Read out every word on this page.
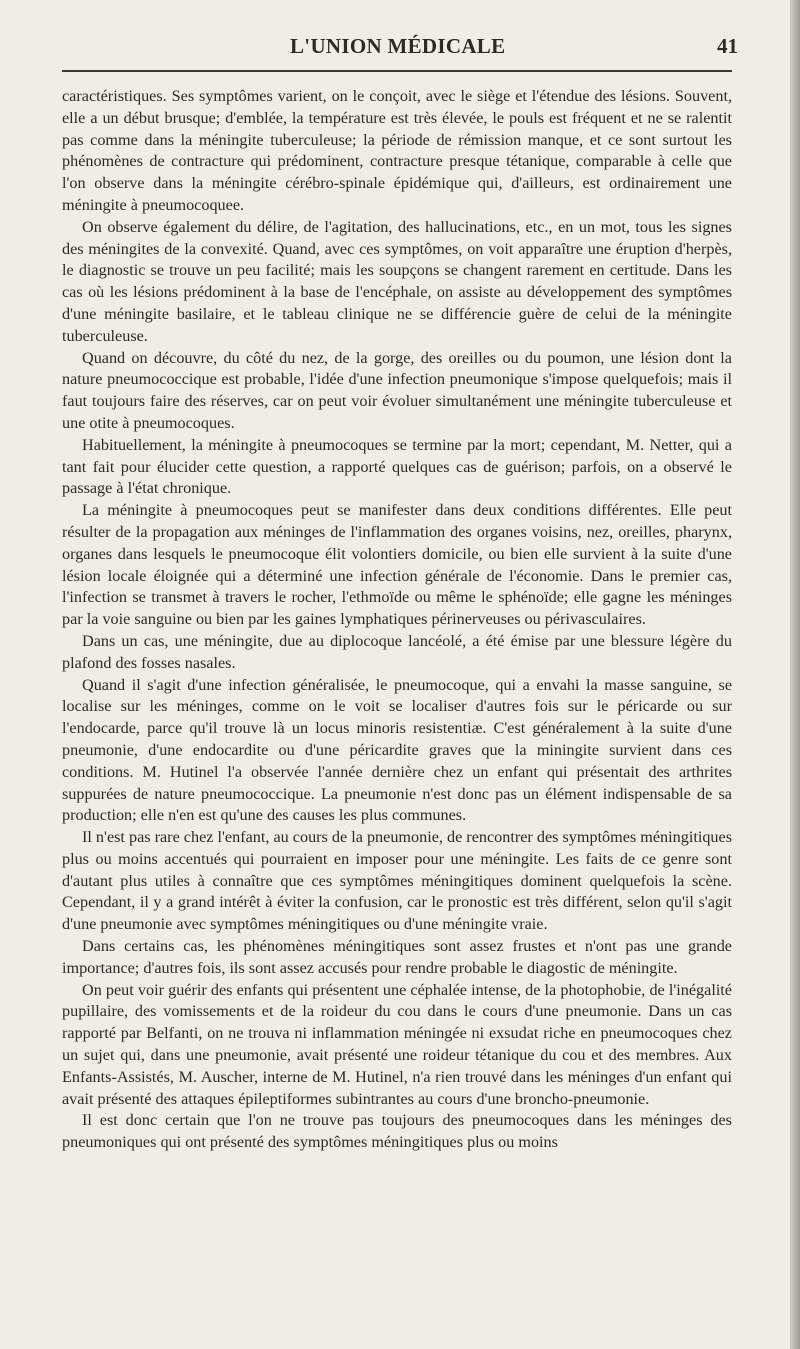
L'UNION MÉDICALE	41

caractéristiques. Ses symptômes varient, on le conçoit, avec le siège et l'étendue des lésions. Souvent, elle a un début brusque; d'emblée, la température est très élevée, le pouls est fréquent et ne se ralentit pas comme dans la méningite tuberculeuse; la période de rémission manque, et ce sont surtout les phénomènes de contracture qui prédominent, contracture presque tétanique, comparable à celle que l'on observe dans la méningite cérébro-spinale épidémique qui, d'ailleurs, est ordinairement une méningite à pneumocoquee.

On observe également du délire, de l'agitation, des hallucinations, etc., en un mot, tous les signes des méningites de la convexité. Quand, avec ces symptômes, on voit apparaître une éruption d'herpès, le diagnostic se trouve un peu facilité; mais les soupçons se changent rarement en certitude. Dans les cas où les lésions prédominent à la base de l'encéphale, on assiste au développement des symptômes d'une méningite basilaire, et le tableau clinique ne se différencie guère de celui de la méningite tuberculeuse.

Quand on découvre, du côté du nez, de la gorge, des oreilles ou du poumon, une lésion dont la nature pneumococcique est probable, l'idée d'une infection pneumonique s'impose quelquefois; mais il faut toujours faire des réserves, car on peut voir évoluer simultanément une méningite tuberculeuse et une otite à pneumocoques.

Habituellement, la méningite à pneumocoques se termine par la mort; cependant, M. Netter, qui a tant fait pour élucider cette question, a rapporté quelques cas de guérison; parfois, on a observé le passage à l'état chronique.

La méningite à pneumocoques peut se manifester dans deux conditions différentes. Elle peut résulter de la propagation aux méninges de l'inflammation des organes voisins, nez, oreilles, pharynx, organes dans lesquels le pneumocoque élit volontiers domicile, ou bien elle survient à la suite d'une lésion locale éloignée qui a déterminé une infection générale de l'économie. Dans le premier cas, l'infection se transmet à travers le rocher, l'ethmoïde ou même le sphénoïde; elle gagne les méninges par la voie sanguine ou bien par les gaines lymphatiques périnerveuses ou périvasculaires.

Dans un cas, une méningite, due au diplocoque lancéolé, a été émise par une blessure légère du plafond des fosses nasales.

Quand il s'agit d'une infection généralisée, le pneumocoque, qui a envahi la masse sanguine, se localise sur les méninges, comme on le voit se localiser d'autres fois sur le péricarde ou sur l'endocarde, parce qu'il trouve là un locus minoris resistentiæ. C'est généralement à la suite d'une pneumonie, d'une endocardite ou d'une péricardite graves que la miningite survient dans ces conditions. M. Hutinel l'a observée l'année dernière chez un enfant qui présentait des arthrites suppurées de nature pneumococcique. La pneumonie n'est donc pas un élément indispensable de sa production; elle n'en est qu'une des causes les plus communes.

Il n'est pas rare chez l'enfant, au cours de la pneumonie, de rencontrer des symptômes méningitiques plus ou moins accentués qui pourraient en imposer pour une méningite. Les faits de ce genre sont d'autant plus utiles à connaître que ces symptômes méningitiques dominent quelquefois la scène. Cependant, il y a grand intérêt à éviter la confusion, car le pronostic est très différent, selon qu'il s'agit d'une pneumonie avec symptômes méningitiques ou d'une méningite vraie.

Dans certains cas, les phénomènes méningitiques sont assez frustes et n'ont pas une grande importance; d'autres fois, ils sont assez accusés pour rendre probable le diagostic de méningite.

On peut voir guérir des enfants qui présentent une céphalée intense, de la photophobie, de l'inégalité pupillaire, des vomissements et de la roideur du cou dans le cours d'une pneumonie. Dans un cas rapporté par Belfanti, on ne trouva ni inflammation méningée ni exsudat riche en pneumocoques chez un sujet qui, dans une pneumonie, avait présenté une roideur tétanique du cou et des membres. Aux Enfants-Assistés, M. Auscher, interne de M. Hutinel, n'a rien trouvé dans les méninges d'un enfant qui avait présenté des attaques épileptiformes subintrantes au cours d'une broncho-pneumonie.

Il est donc certain que l'on ne trouve pas toujours des pneumocoques dans les méninges des pneumoniques qui ont présenté des symptômes méningitiques plus ou moins
